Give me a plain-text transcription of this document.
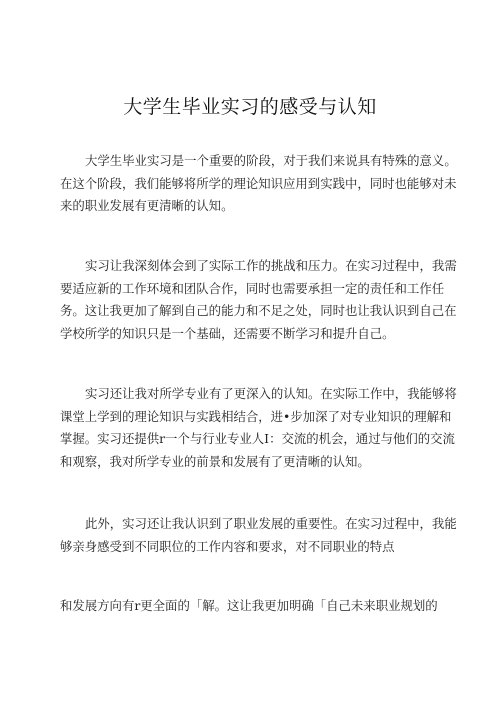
大学生毕业实习的感受与认知

大学生毕业实习是一个重要的阶段，对于我们来说具有特殊的意义。在这个阶段，我们能够将所学的理论知识应用到实践中，同时也能够对未来的职业发展有更清晰的认知。

实习让我深刻体会到了实际工作的挑战和压力。在实习过程中，我需要适应新的工作环境和团队合作，同时也需要承担一定的责任和工作任务。这让我更加了解到自己的能力和不足之处，同时也让我认识到自己在学校所学的知识只是一个基础，还需要不断学习和提升自己。

实习还让我对所学专业有了更深入的认知。在实际工作中，我能够将课堂上学到的理论知识与实践相结合，进•步加深了对专业知识的理解和掌握。实习还提供r一个与行业专业人I：交流的机会，通过与他们的交流和观察，我对所学专业的前景和发展有了更清晰的认知。

此外，实习还让我认识到了职业发展的重要性。在实习过程中，我能够亲身感受到不同职位的工作内容和要求，对不同职业的特点

和发展方向有r更全面的「解。这让我更加明确「自己未来职业规划的
